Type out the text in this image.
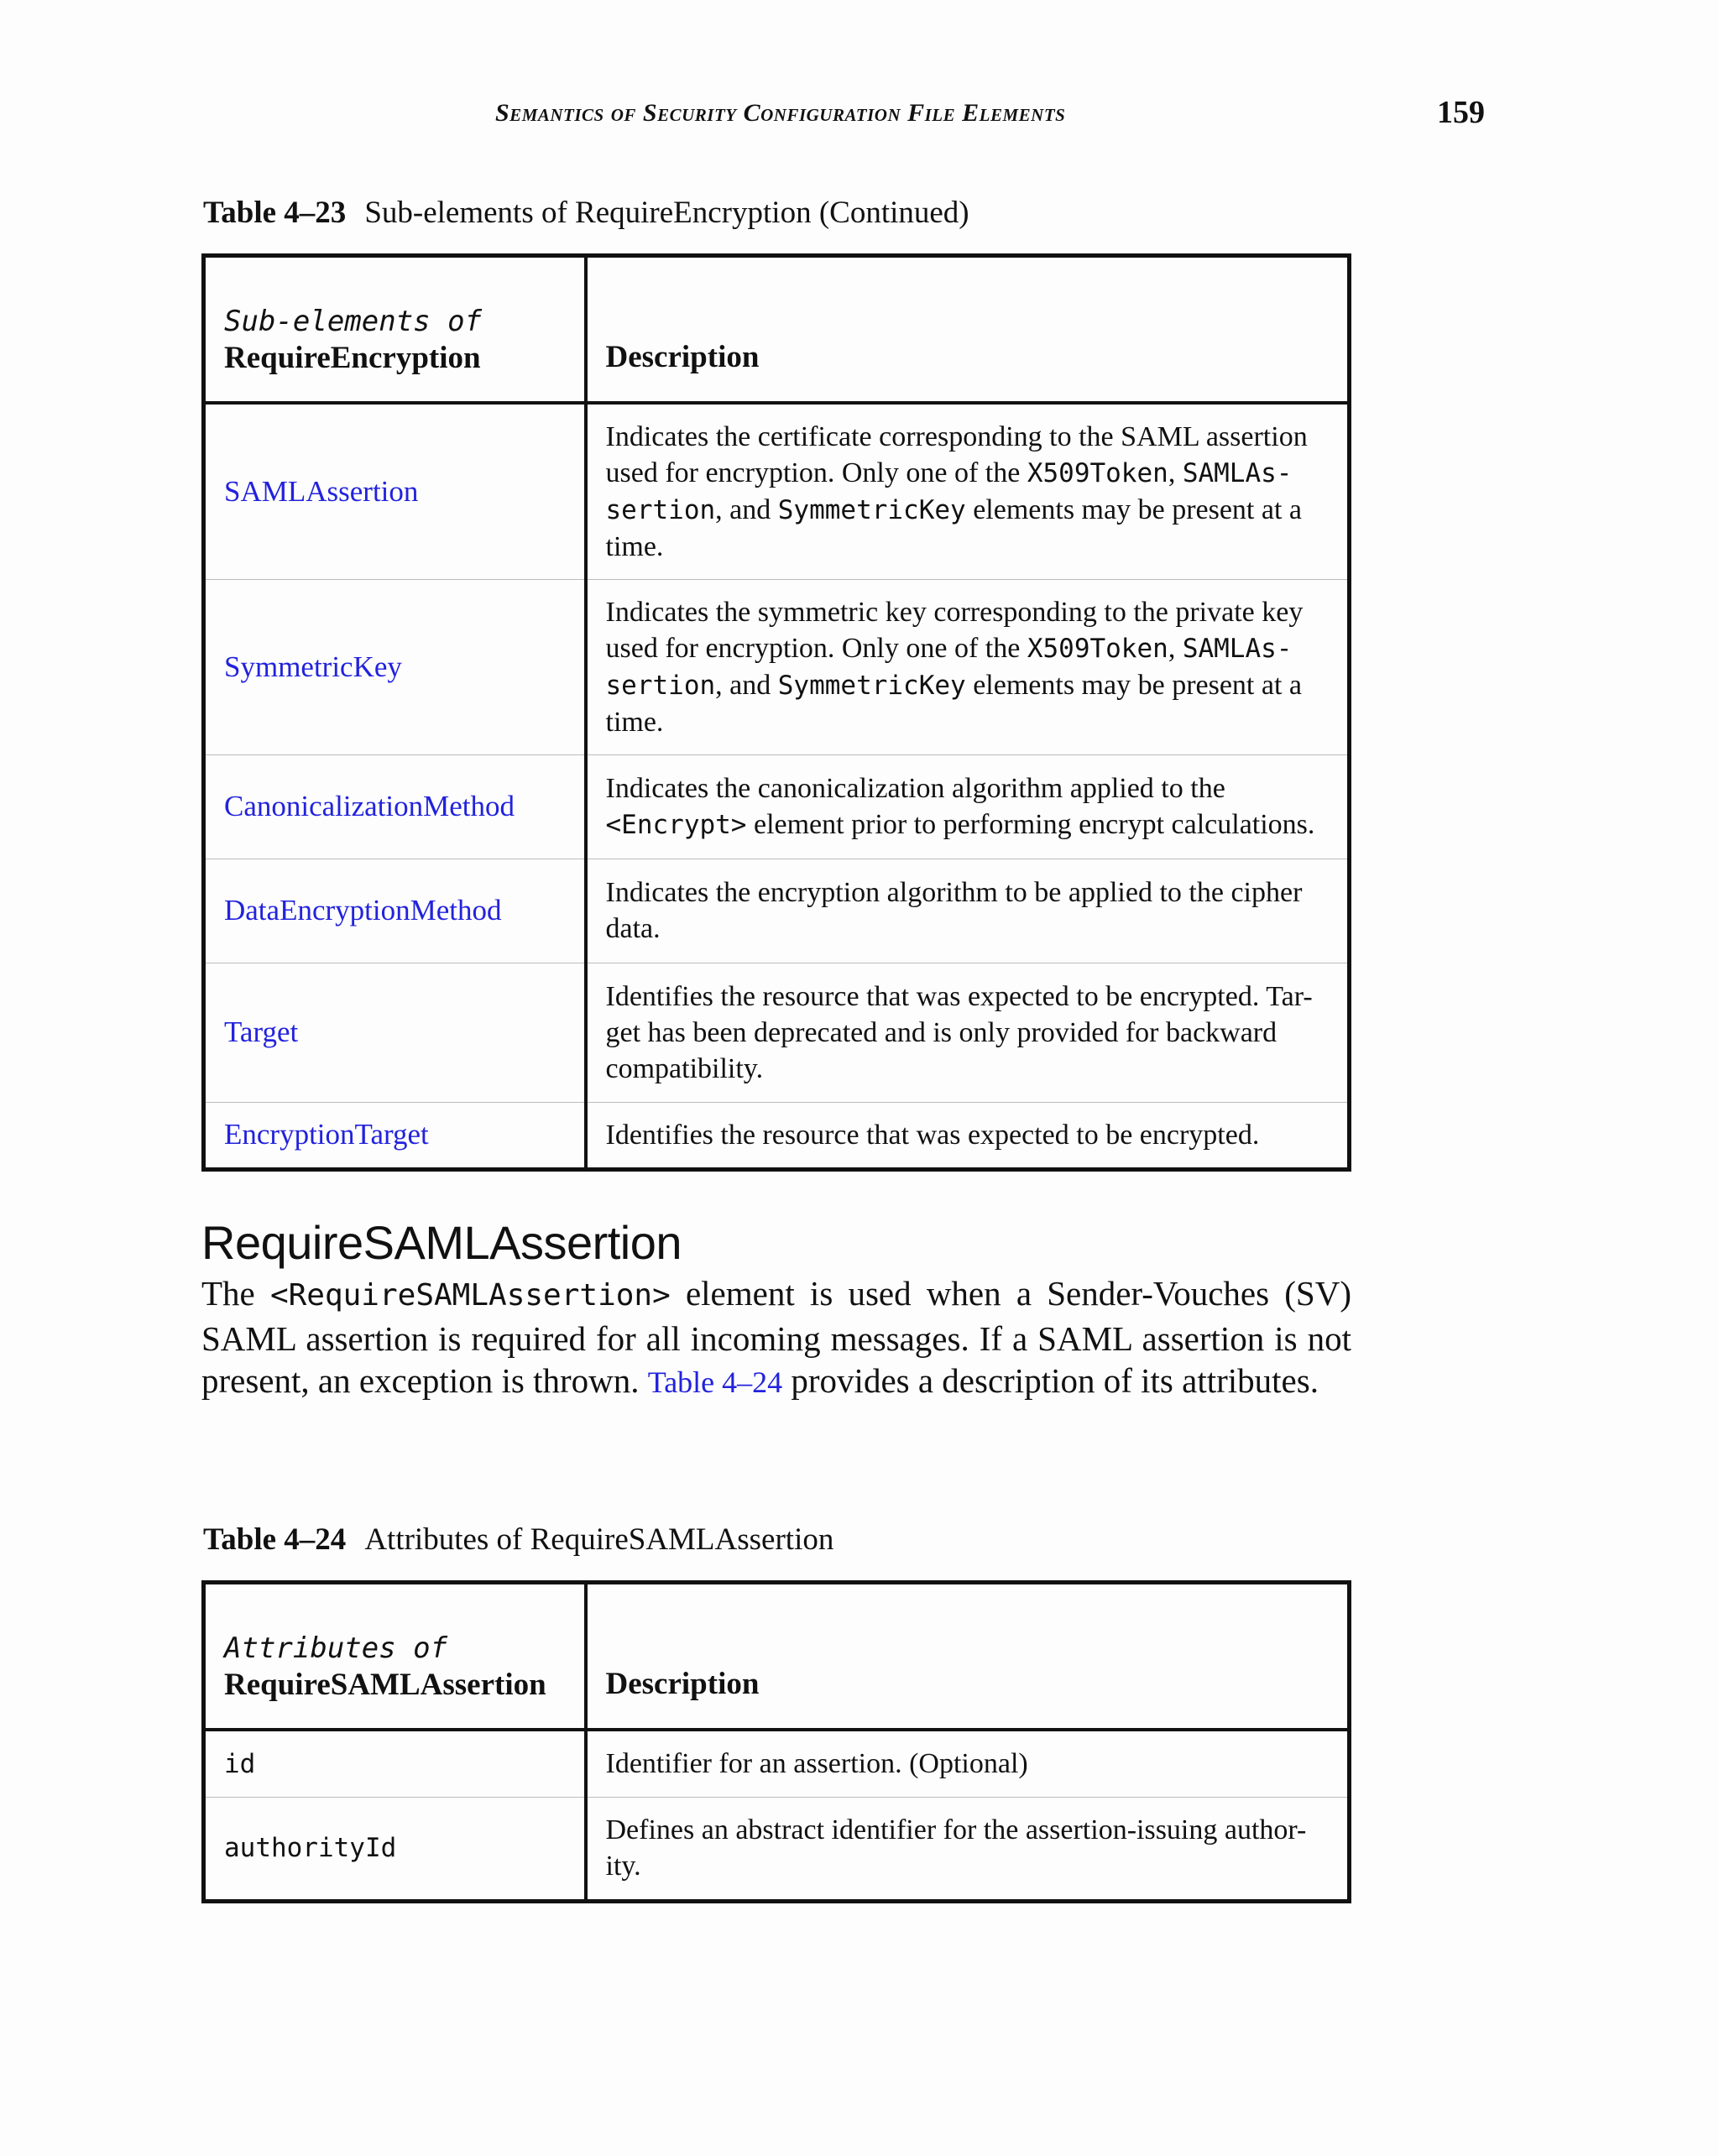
Semantics of Security Configuration File Elements	159
Table 4–23 Sub-elements of RequireEncryption (Continued)
Sub-elements of
RequireEncryption	Description
SAMLAssertion	Indicates the certificate corresponding to the SAML assertion used for encryption. Only one of the X509Token, SAMLAs-sertion, and SymmetricKey elements may be present at a time.
SymmetricKey	Indicates the symmetric key corresponding to the private key used for encryption. Only one of the X509Token, SAMLAs-sertion, and SymmetricKey elements may be present at a time.
CanonicalizationMethod	Indicates the canonicalization algorithm applied to the <Encrypt> element prior to performing encrypt calculations.
DataEncryptionMethod	Indicates the encryption algorithm to be applied to the cipher data.
Target	Identifies the resource that was expected to be encrypted. Tar-get has been deprecated and is only provided for backward compatibility.
EncryptionTarget	Identifies the resource that was expected to be encrypted.
RequireSAMLAssertion
The <RequireSAMLAssertion> element is used when a Sender-Vouches (SV) SAML assertion is required for all incoming messages. If a SAML assertion is not present, an exception is thrown. Table 4–24 provides a description of its attributes.
Table 4–24 Attributes of RequireSAMLAssertion
Attributes of
RequireSAMLAssertion	Description
id	Identifier for an assertion. (Optional)
authorityId	Defines an abstract identifier for the assertion-issuing author-ity.
